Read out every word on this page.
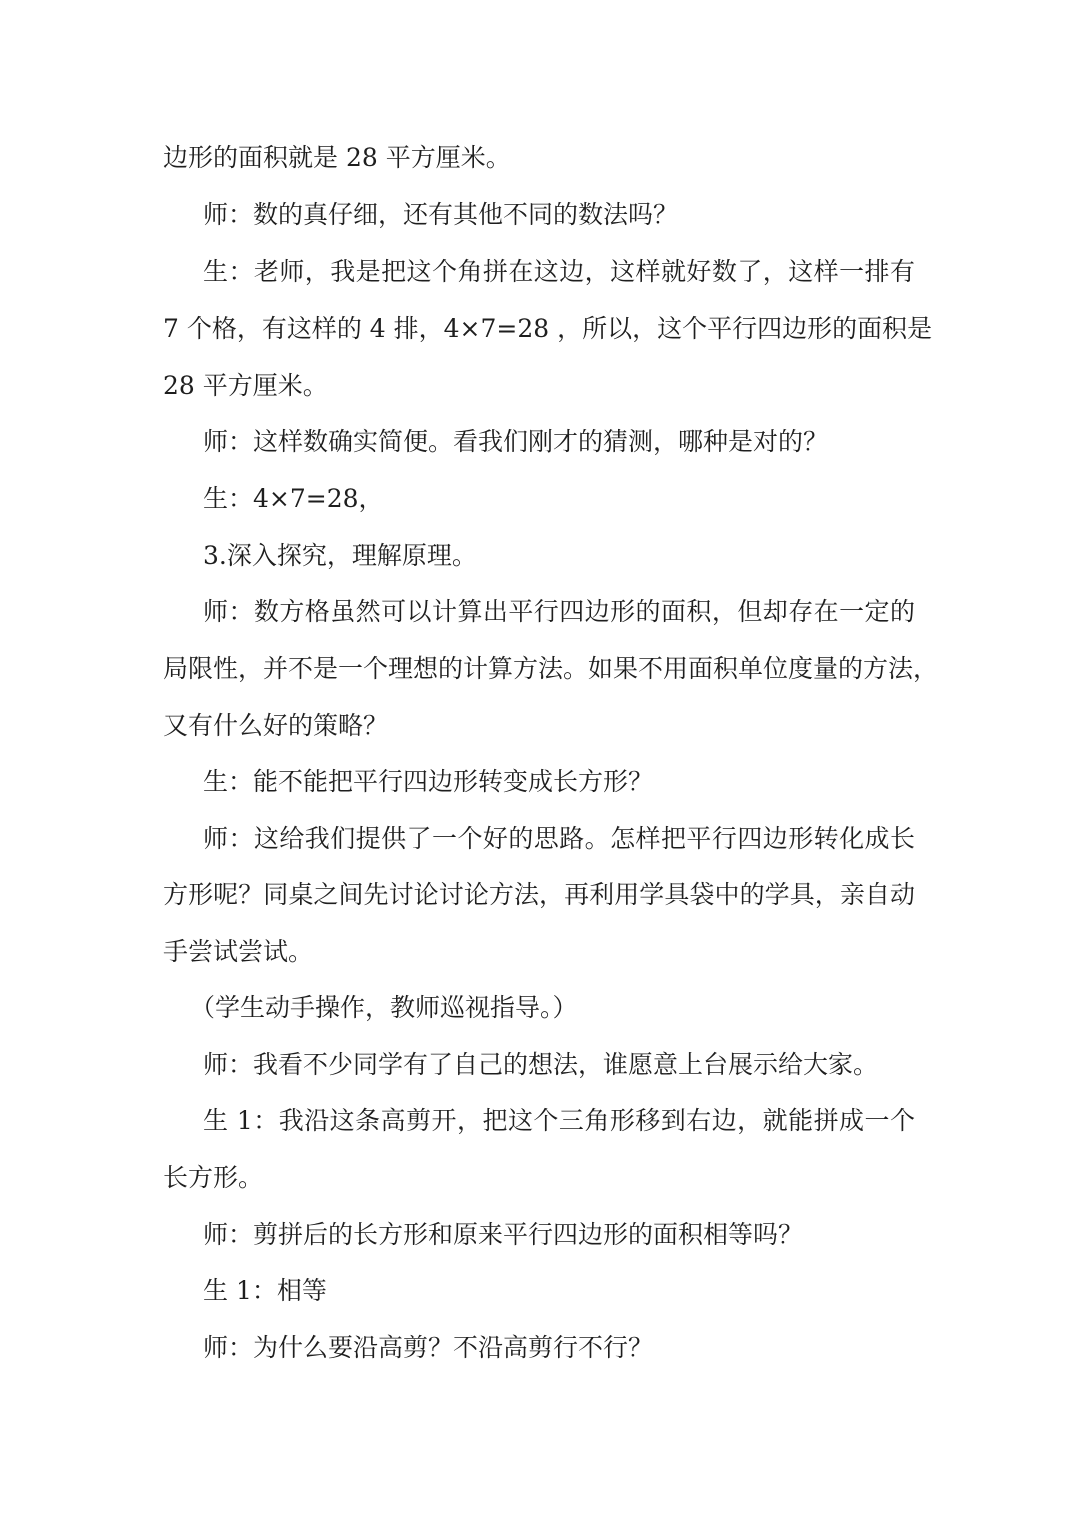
边形的面积就是 28 平方厘米。
师：数的真仔细，还有其他不同的数法吗？
生：老师，我是把这个角拼在这边，这样就好数了，这样一排有
7 个格，有这样的 4 排，4×7=28 ，所以，这个平行四边形的面积是
28 平方厘米。
师：这样数确实简便。看我们刚才的猜测，哪种是对的？
生：4×7=28，
3.深入探究，理解原理。
师：数方格虽然可以计算出平行四边形的面积，但却存在一定的
局限性，并不是一个理想的计算方法。如果不用面积单位度量的方法，
又有什么好的策略？
生：能不能把平行四边形转变成长方形？
师：这给我们提供了一个好的思路。怎样把平行四边形转化成长
方形呢？同桌之间先讨论讨论方法，再利用学具袋中的学具，亲自动
手尝试尝试。
（学生动手操作，教师巡视指导。）
师：我看不少同学有了自己的想法，谁愿意上台展示给大家。
生 1：我沿这条高剪开，把这个三角形移到右边，就能拼成一个
长方形。
师：剪拼后的长方形和原来平行四边形的面积相等吗？
生 1：相等
师：为什么要沿高剪？不沿高剪行不行？
